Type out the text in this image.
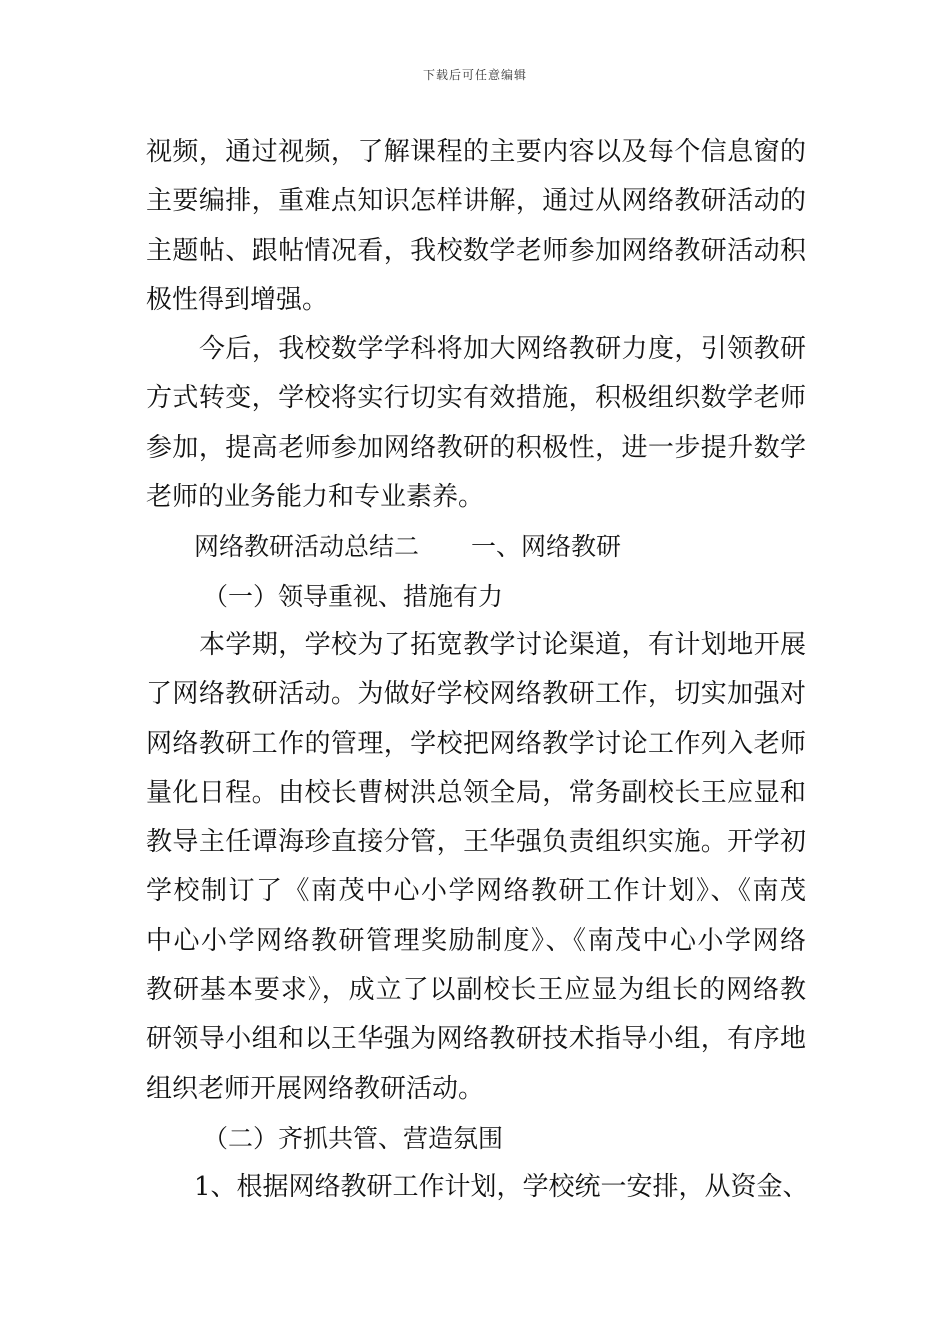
下载后可任意编辑
视频，通过视频，了解课程的主要内容以及每个信息窗的
主要编排，重难点知识怎样讲解，通过从网络教研活动的
主题帖、跟帖情况看，我校数学老师参加网络教研活动积
极性得到增强。
今后，我校数学学科将加大网络教研力度，引领教研
方式转变，学校将实行切实有效措施，积极组织数学老师
参加，提高老师参加网络教研的积极性，进一步提升数学
老师的业务能力和专业素养。
网络教研活动总结二 一、网络教研
（一）领导重视、措施有力
本学期，学校为了拓宽教学讨论渠道，有计划地开展
了网络教研活动。为做好学校网络教研工作，切实加强对
网络教研工作的管理，学校把网络教学讨论工作列入老师
量化日程。由校长曹树洪总领全局，常务副校长王应显和
教导主任谭海珍直接分管，王华强负责组织实施。开学初
学校制订了《南茂中心小学网络教研工作计划》、《南茂
中心小学网络教研管理奖励制度》、《南茂中心小学网络
教研基本要求》，成立了以副校长王应显为组长的网络教
研领导小组和以王华强为网络教研技术指导小组，有序地
组织老师开展网络教研活动。
（二）齐抓共管、营造氛围
1、根据网络教研工作计划，学校统一安排，从资金、
